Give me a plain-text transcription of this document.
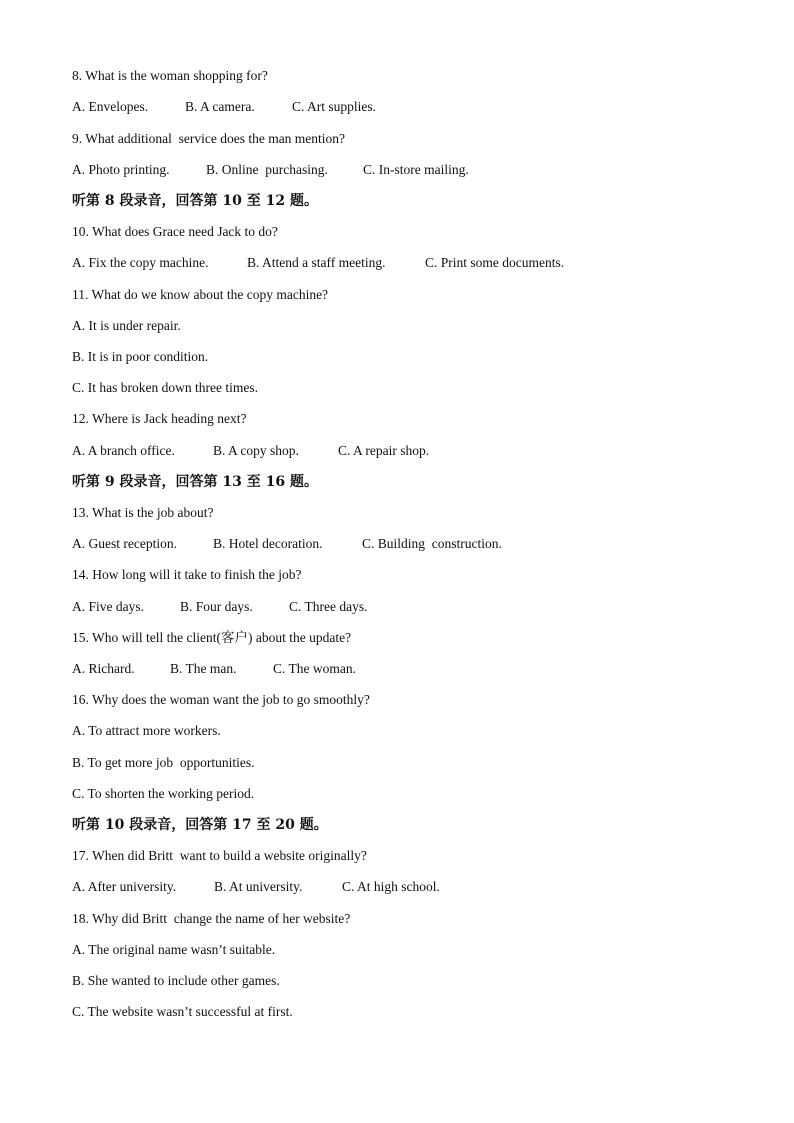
8. What is the woman shopping for?
A. Envelopes.	B. A camera.	C. Art supplies.
9. What additional  service does the man mention?
A. Photo printing.	B. Online  purchasing.	C. In-store mailing.
听第 8 段录音，回答第 10 至 12 题。
10. What does Grace need Jack to do?
A. Fix the copy machine.	B. Attend a staff meeting.	C. Print some documents.
11. What do we know about the copy machine?
A. It is under repair.
B. It is in poor condition.
C. It has broken down three times.
12. Where is Jack heading next?
A. A branch office.	B. A copy shop.	C. A repair shop.
听第 9 段录音，回答第 13 至 16 题。
13. What is the job about?
A. Guest reception.	B. Hotel decoration.	C. Building  construction.
14. How long will it take to finish the job?
A. Five days.	B. Four days.	C. Three days.
15. Who will tell the client(客户) about the update?
A. Richard.	B. The man.	C. The woman.
16. Why does the woman want the job to go smoothly?
A. To attract more workers.
B. To get more job  opportunities.
C. To shorten the working period.
听第 10 段录音，回答第 17 至 20 题。
17. When did Britt  want to build a website originally?
A. After university.	B. At university.	C. At high school.
18. Why did Britt  change the name of her website?
A. The original name wasn’t suitable.
B. She wanted to include other games.
C. The website wasn’t successful at first.
